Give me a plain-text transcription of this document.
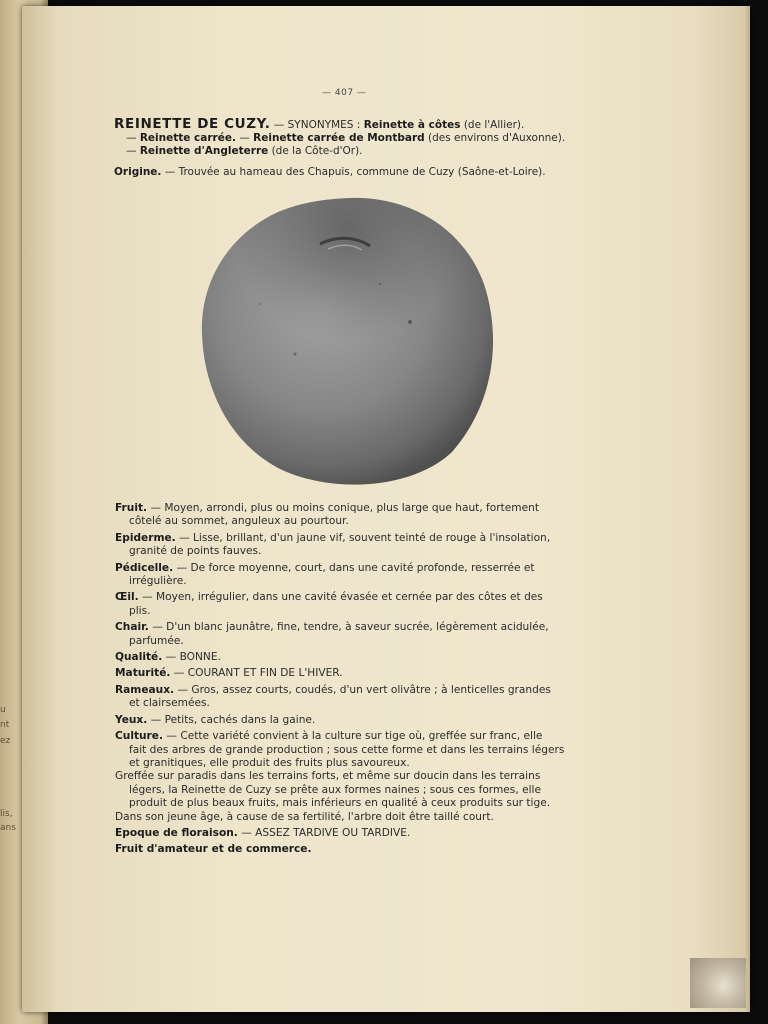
u
nt
ez
lis,
ans
— 407 —
REINETTE DE CUZY. — SYNONYMES : Reinette à côtes (de l'Allier).
— Reinette carrée. — Reinette carrée de Montbard (des environs d'Auxonne).
— Reinette d'Angleterre (de la Côte-d'Or).
Origine. — Trouvée au hameau des Chapuis, commune de Cuzy (Saône-et-Loire).
Fruit. — Moyen, arrondi, plus ou moins conique, plus large que haut, fortement
côtelé au sommet, anguleux au pourtour.
Epiderme. — Lisse, brillant, d'un jaune vif, souvent teinté de rouge à l'insolation,
granité de points fauves.
Pédicelle. — De force moyenne, court, dans une cavité profonde, resserrée et
irrégulière.
Œil. — Moyen, irrégulier, dans une cavité évasée et cernée par des côtes et des
plis.
Chair. — D'un blanc jaunâtre, fine, tendre, à saveur sucrée, légèrement acidulée,
parfumée.
Qualité. — BONNE.
Maturité. — COURANT ET FIN DE L'HIVER.
Rameaux. — Gros, assez courts, coudés, d'un vert olivâtre ; à lenticelles grandes
et clairsemées.
Yeux. — Petits, cachés dans la gaine.
Culture. — Cette variété convient à la culture sur tige où, greffée sur franc, elle
fait des arbres de grande production ; sous cette forme et dans les terrains légers
et granitiques, elle produit des fruits plus savoureux.
Greffée sur paradis dans les terrains forts, et même sur doucin dans les terrains
légers, la Reinette de Cuzy se prête aux formes naines ; sous ces formes, elle
produit de plus beaux fruits, mais inférieurs en qualité à ceux produits sur tige.
Dans son jeune âge, à cause de sa fertilité, l'arbre doit être taillé court.
Epoque de floraison. — ASSEZ TARDIVE OU TARDIVE.
Fruit d'amateur et de commerce.
